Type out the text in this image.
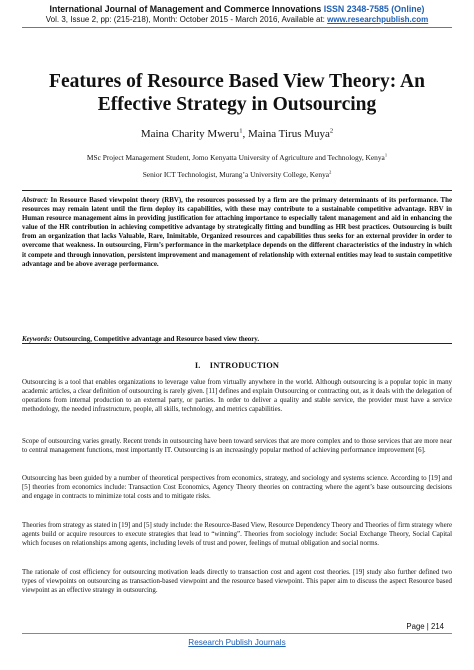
International Journal of Management and Commerce Innovations ISSN 2348-7585 (Online)
Vol. 3, Issue 2, pp: (215-218), Month: October 2015 - March 2016, Available at: www.researchpublish.com
Features of Resource Based View Theory: An
Effective Strategy in Outsourcing
Maina Charity Mweru$^1$, Maina Tirus Muya$^2$
MSc Project Management Student, Jomo Kenyatta University of Agriculture and Technology, Kenya$^1$
Senior ICT Technologist, Murang’a University College, Kenya$^2$

Abstract: In Resource Based viewpoint theory (RBV), the resources possessed by a firm are the primary determinants of its performance. The resources may remain latent until the firm deploy its capabilities, with these may contribute to a sustainable competitive advantage. RBV in Human resource management aims in providing justification for attaching importance to especially talent management and aid in enhancing the value of the HR contribution in achieving competitive advantage by strategically fitting and bundling as HR best practices. Outsourcing is built from an organization that lacks Valuable, Rare, Inimitable, Organized resources and capabilities thus seeks for an external provider in order to overcome that weakness. In outsourcing, Firm’s performance in the marketplace depends on the different characteristics of the industry in which it compete and through innovation, persistent improvement and management of relationship with external entities may lead to sustain competitive advantage and be above average performance.

Keywords: Outsourcing, Competitive advantage and Resource based view theory.

I. INTRODUCTION

Outsourcing is a tool that enables organizations to leverage value from virtually anywhere in the world. Although outsourcing is a popular topic in many academic articles, a clear definition of outsourcing is rarely given. [11] defines and explain Outsourcing or contracting out, as it deals with the delegation of operations from internal production to an external party, or parties. In order to deliver a quality and stable service, the provider must have a service methodology, the needed infrastructure, people, all skills, technology, and metrics capabilities.

Scope of outsourcing varies greatly. Recent trends in outsourcing have been toward services that are more complex and to those services that are more near to central management functions, most importantly IT. Outsourcing is an increasingly popular method of achieving performance improvement [6].

Outsourcing has been guided by a number of theoretical perspectives from economics, strategy, and sociology and systems science. According to [19] and [5] theories from economics include: Transaction Cost Economics, Agency Theory theories on contracting where the agent’s base outsourcing decisions and engage in contracts to minimize total costs and to mitigate risks.

Theories from strategy as stated in [19] and [5] study include: the Resource-Based View, Resource Dependency Theory and Theories of firm strategy where agents build or acquire resources to execute strategies that lead to “winning”. Theories from sociology include: Social Exchange Theory, Social Capital which focuses on relationships among agents, including levels of trust and power, feelings of mutual obligation and social norms.

The rationale of cost efficiency for outsourcing motivation leads directly to transaction cost and agent cost theories. [19] study also further defined two types of viewpoints on outsourcing as transaction-based viewpoint and the resource based viewpoint. This paper aim to discuss the aspect Resource based viewpoint as an effective strategy in outsourcing.

Page | 214
Research Publish Journals
